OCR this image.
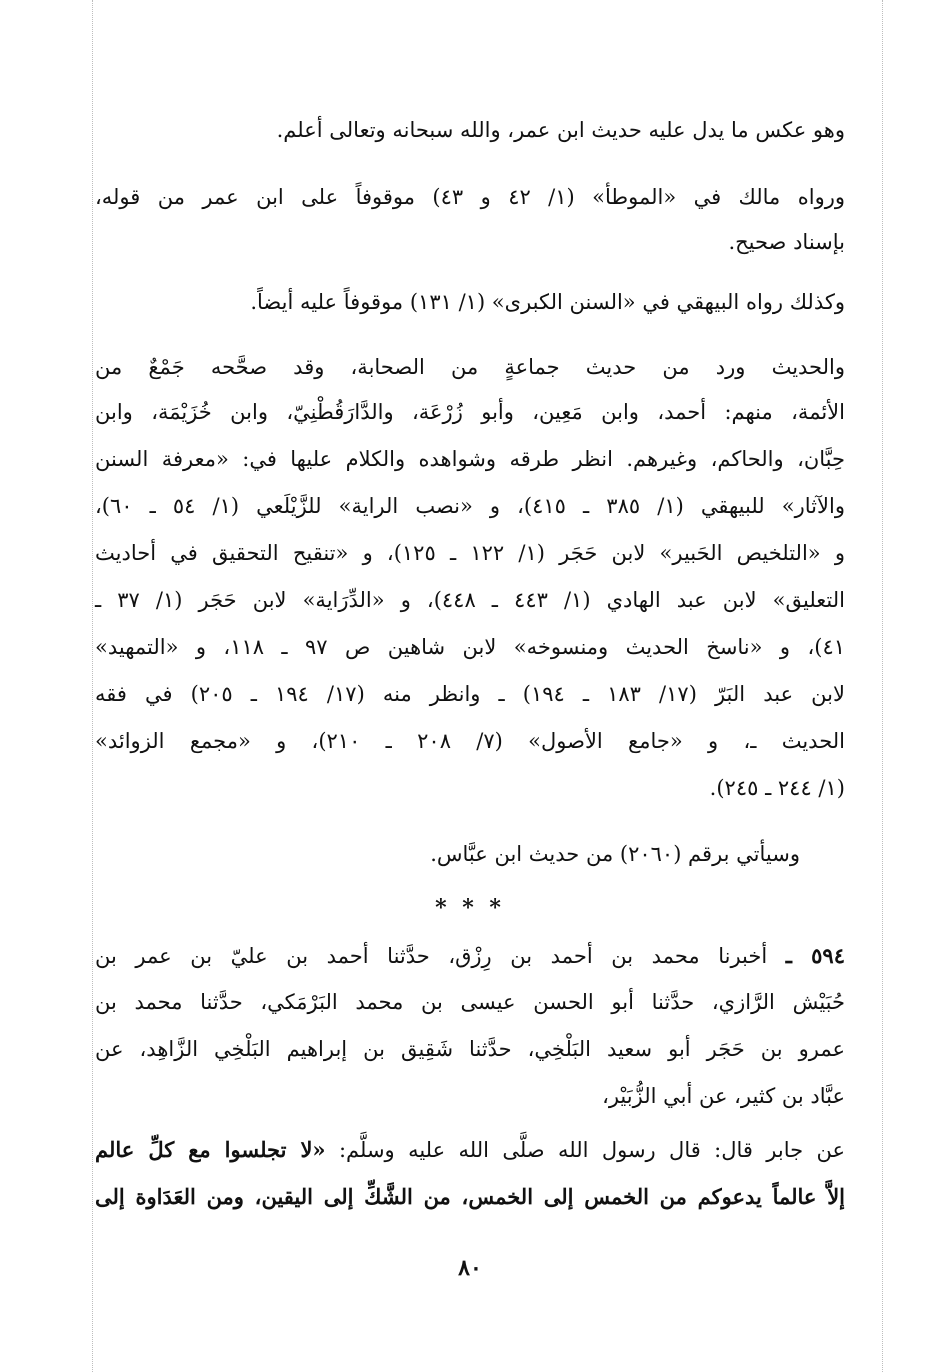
وهو عكس ما يدل عليه حديث ابن عمر، والله سبحانه وتعالى أعلم.
ورواه مالك في «الموطأ» (١/ ٤٢ و ٤٣) موقوفاً على ابن عمر من قوله،
بإسناد صحيح.
وكذلك رواه البيهقي في «السنن الكبرى» (١/ ١٣١) موقوفاً عليه أيضاً.
والحديث ورد من حديث جماعةٍ من الصحابة، وقد صحَّحه جَمْعٌ من
الأئمة، منهم: أحمد، وابن مَعِين، وأبو زُرْعَة، والدَّارَقُطْنِيّ، وابن خُزَيْمَة، وابن
حِبَّان، والحاكم، وغيرهم. انظر طرقه وشواهده والكلام عليها في: «معرفة السنن
والآثار» للبيهقي (١/ ٣٨٥ ـ ٤١٥)، و «نصب الراية» للزَّيْلَعي (١/ ٥٤ ـ ٦٠)،
و «التلخيص الحَبير» لابن حَجَر (١/ ١٢٢ ـ ١٢٥)، و «تنقيح التحقيق في أحاديث
التعليق» لابن عبد الهادي (١/ ٤٤٣ ـ ٤٤٨)، و «الدِّرَاية» لابن حَجَر (١/ ٣٧ ـ
٤١)، و «ناسخ الحديث ومنسوخه» لابن شاهين ص ٩٧ ـ ١١٨، و «التمهيد»
لابن عبد البَرّ (١٧/ ١٨٣ ـ ١٩٤) ـ وانظر منه (١٧/ ١٩٤ ـ ٢٠٥) في فقه
الحديث ـ، و «جامع الأصول» (٧/ ٢٠٨ ـ ٢١٠)، و «مجمع الزوائد»
(١/ ٢٤٤ ـ ٢٤٥).
وسيأتي برقم (٢٠٦٠) من حديث ابن عبَّاس.
* * *
٥٩٤ ـ أخبرنا محمد بن أحمد بن رِزْق، حدَّثنا أحمد بن عليّ بن عمر بن
حُبَيْش الرَّازي، حدَّثنا أبو الحسن عيسى بن محمد البَرْمَكي، حدَّثنا محمد بن
عمرو بن حَجَر أبو سعيد البَلْخِي، حدَّثنا شَقِيق بن إبراهيم البَلْخِي الزَّاهِد، عن
عبَّاد بن كثير، عن أبي الزُّبَيْر،
عن جابر قال: قال رسول الله صلَّى الله عليه وسلَّم: «لا تجلسوا مع كلِّ عالم
إلاَّ عالماً يدعوكم من الخمس إلى الخمس، من الشَّكِّ إلى اليقين، ومن العَدَاوة إلى
٨٠
